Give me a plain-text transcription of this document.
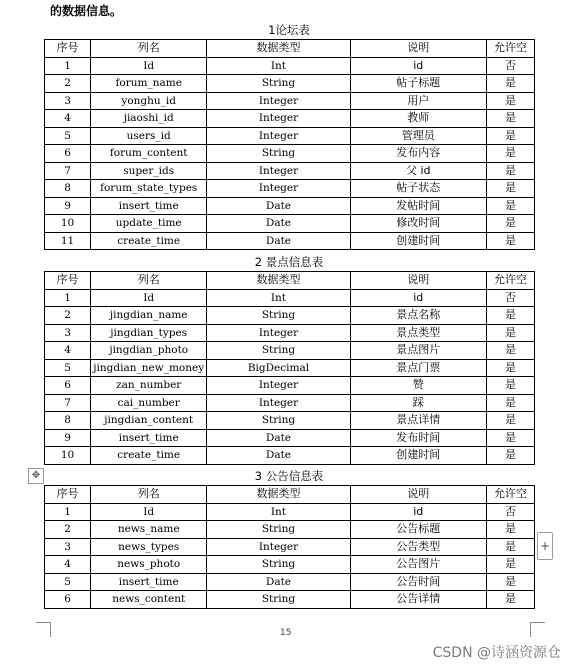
的数据信息。
1论坛表
序号	列名	数据类型	说明	允许空
1	Id	Int	id	否
2	forum_name	String	帖子标题	是
3	yonghu_id	Integer	用户	是
4	jiaoshi_id	Integer	教师	是
5	users_id	Integer	管理员	是
6	forum_content	String	发布内容	是
7	super_ids	Integer	父 id	是
8	forum_state_types	Integer	帖子状态	是
9	insert_time	Date	发帖时间	是
10	update_time	Date	修改时间	是
11	create_time	Date	创建时间	是
2 景点信息表
序号	列名	数据类型	说明	允许空
1	Id	Int	id	否
2	jingdian_name	String	景点名称	是
3	jingdian_types	Integer	景点类型	是
4	jingdian_photo	String	景点图片	是
5	jingdian_new_money	BigDecimal	景点门票	是
6	zan_number	Integer	赞	是
7	cai_number	Integer	踩	是
8	jingdian_content	String	景点详情	是
9	insert_time	Date	发布时间	是
10	create_time	Date	创建时间	是
3 公告信息表
序号	列名	数据类型	说明	允许空
1	Id	Int	id	否
2	news_name	String	公告标题	是
3	news_types	Integer	公告类型	是
4	news_photo	String	公告图片	是
5	insert_time	Date	公告时间	是
6	news_content	String	公告详情	是
✥
+
15
CSDN @诗涵资源仓
